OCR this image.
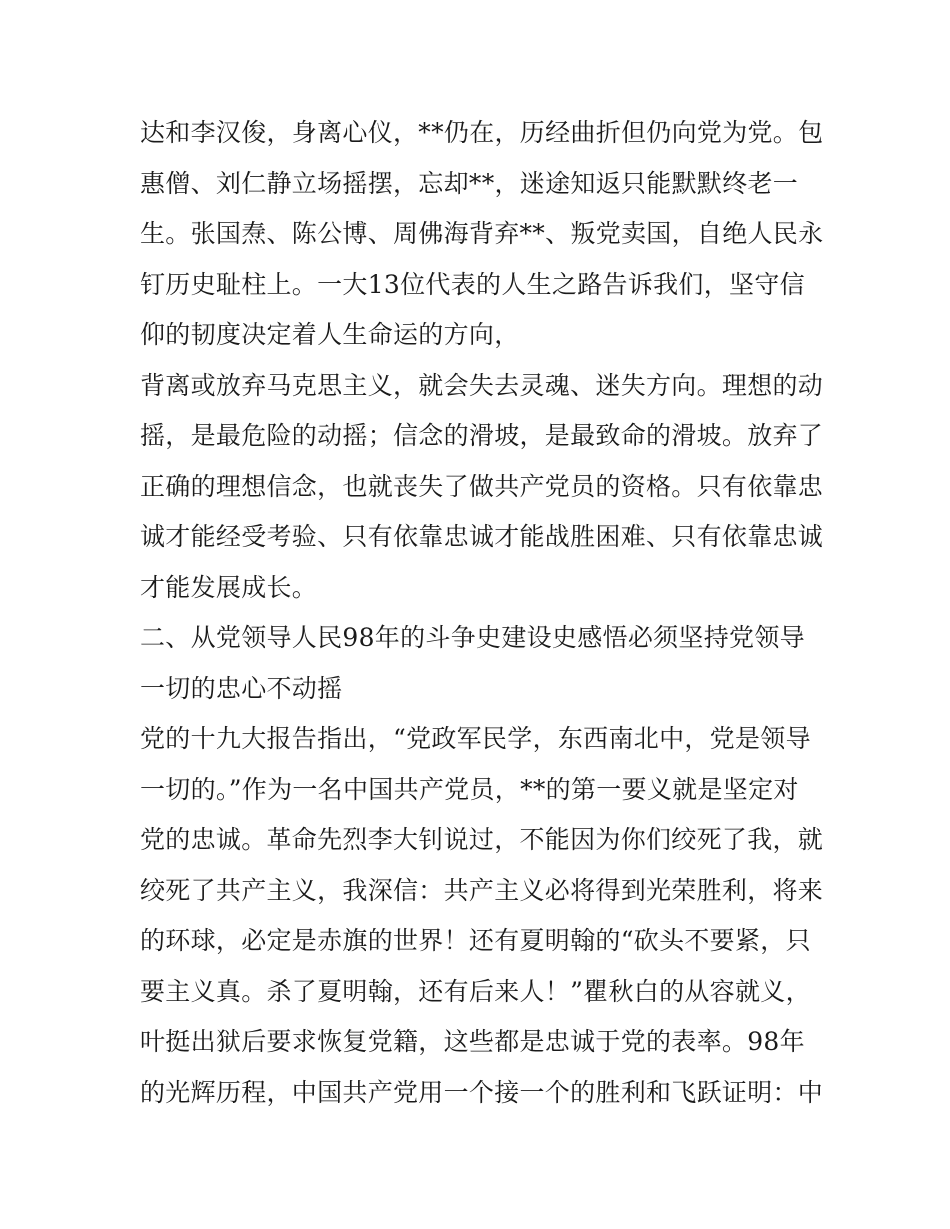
达和李汉俊，身离心仪，**仍在，历经曲折但仍向党为党。包
惠僧、刘仁静立场摇摆，忘却**，迷途知返只能默默终老一
生。张国焘、陈公博、周佛海背弃**、叛党卖国，自绝人民永
钉历史耻柱上。一大13位代表的人生之路告诉我们，坚守信
仰的韧度决定着人生命运的方向，
背离或放弃马克思主义，就会失去灵魂、迷失方向。理想的动
摇，是最危险的动摇；信念的滑坡，是最致命的滑坡。放弃了
正确的理想信念，也就丧失了做共产党员的资格。只有依靠忠
诚才能经受考验、只有依靠忠诚才能战胜困难、只有依靠忠诚
才能发展成长。
二、从党领导人民98年的斗争史建设史感悟必须坚持党领导
一切的忠心不动摇
党的十九大报告指出，“党政军民学，东西南北中，党是领导
一切的。”作为一名中国共产党员，**的第一要义就是坚定对
党的忠诚。革命先烈李大钊说过，不能因为你们绞死了我，就
绞死了共产主义，我深信：共产主义必将得到光荣胜利，将来
的环球，必定是赤旗的世界！还有夏明翰的“砍头不要紧，只
要主义真。杀了夏明翰，还有后来人！”瞿秋白的从容就义，
叶挺出狱后要求恢复党籍，这些都是忠诚于党的表率。98年
的光辉历程，中国共产党用一个接一个的胜利和飞跃证明：中
